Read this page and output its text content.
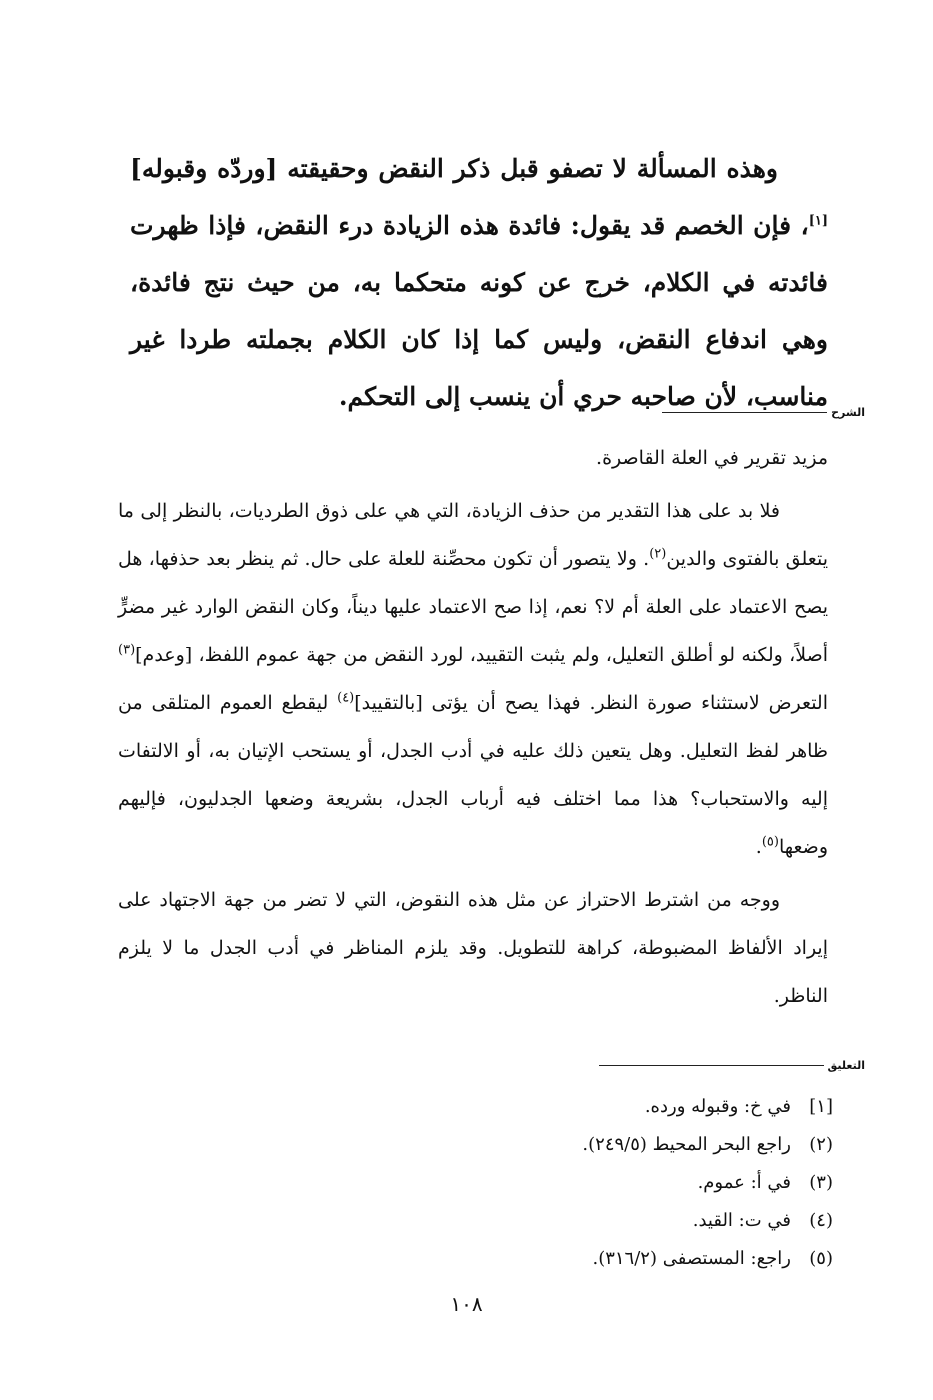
وهذه المسألة لا تصفو قبل ذكر النقض وحقيقته [وردّه وقبوله][١]، فإن الخصم قد يقول: فائدة هذه الزيادة درء النقض، فإذا ظهرت فائدته في الكلام، خرج عن كونه متحكما به، من حيث نتج فائدة، وهي اندفاع النقض، وليس كما إذا كان الكلام بجملته طردا غير مناسب، لأن صاحبه حري أن ينسب إلى التحكم.

الشرح

مزيد تقرير في العلة القاصرة.

فلا بد على هذا التقدير من حذف الزيادة، التي هي على ذوق الطرديات، بالنظر إلى ما يتعلق بالفتوى والدين$^{(٢)}$. ولا يتصور أن تكون محصِّنة للعلة على حال. ثم ينظر بعد حذفها، هل يصح الاعتماد على العلة أم لا؟ نعم، إذا صح الاعتماد عليها ديناً، وكان النقض الوارد غير مضرٍّ أصلاً، ولكنه لو أطلق التعليل، ولم يثبت التقييد، لورد النقض من جهة عموم اللفظ، [وعدم]$^{(٣)}$ التعرض لاستثناء صورة النظر. فهذا يصح أن يؤتى [بالتقييد]$^{(٤)}$ ليقطع العموم المتلقى من ظاهر لفظ التعليل. وهل يتعين ذلك عليه في أدب الجدل، أو يستحب الإتيان به، أو الالتفات إليه والاستحباب؟ هذا مما اختلف فيه أرباب الجدل، بشريعة وضعها الجدليون، فإليهم وضعها$^{(٥)}$.

ووجه من اشترط الاحتراز عن مثل هذه النقوض، التي لا تضر من جهة الاجتهاد على إيراد الألفاظ المضبوطة، كراهة للتطويل. وقد يلزم المناظر في أدب الجدل ما لا يلزم الناظر.

التعليق
[١]
في خ: وقبوله ورده.
(٢)
راجع البحر المحيط (٢٤٩/٥).
(٣)
في أ: عموم.
(٤)
في ت: القيد.
(٥)
راجع: المستصفى (٣١٦/٢).
١٠٨
